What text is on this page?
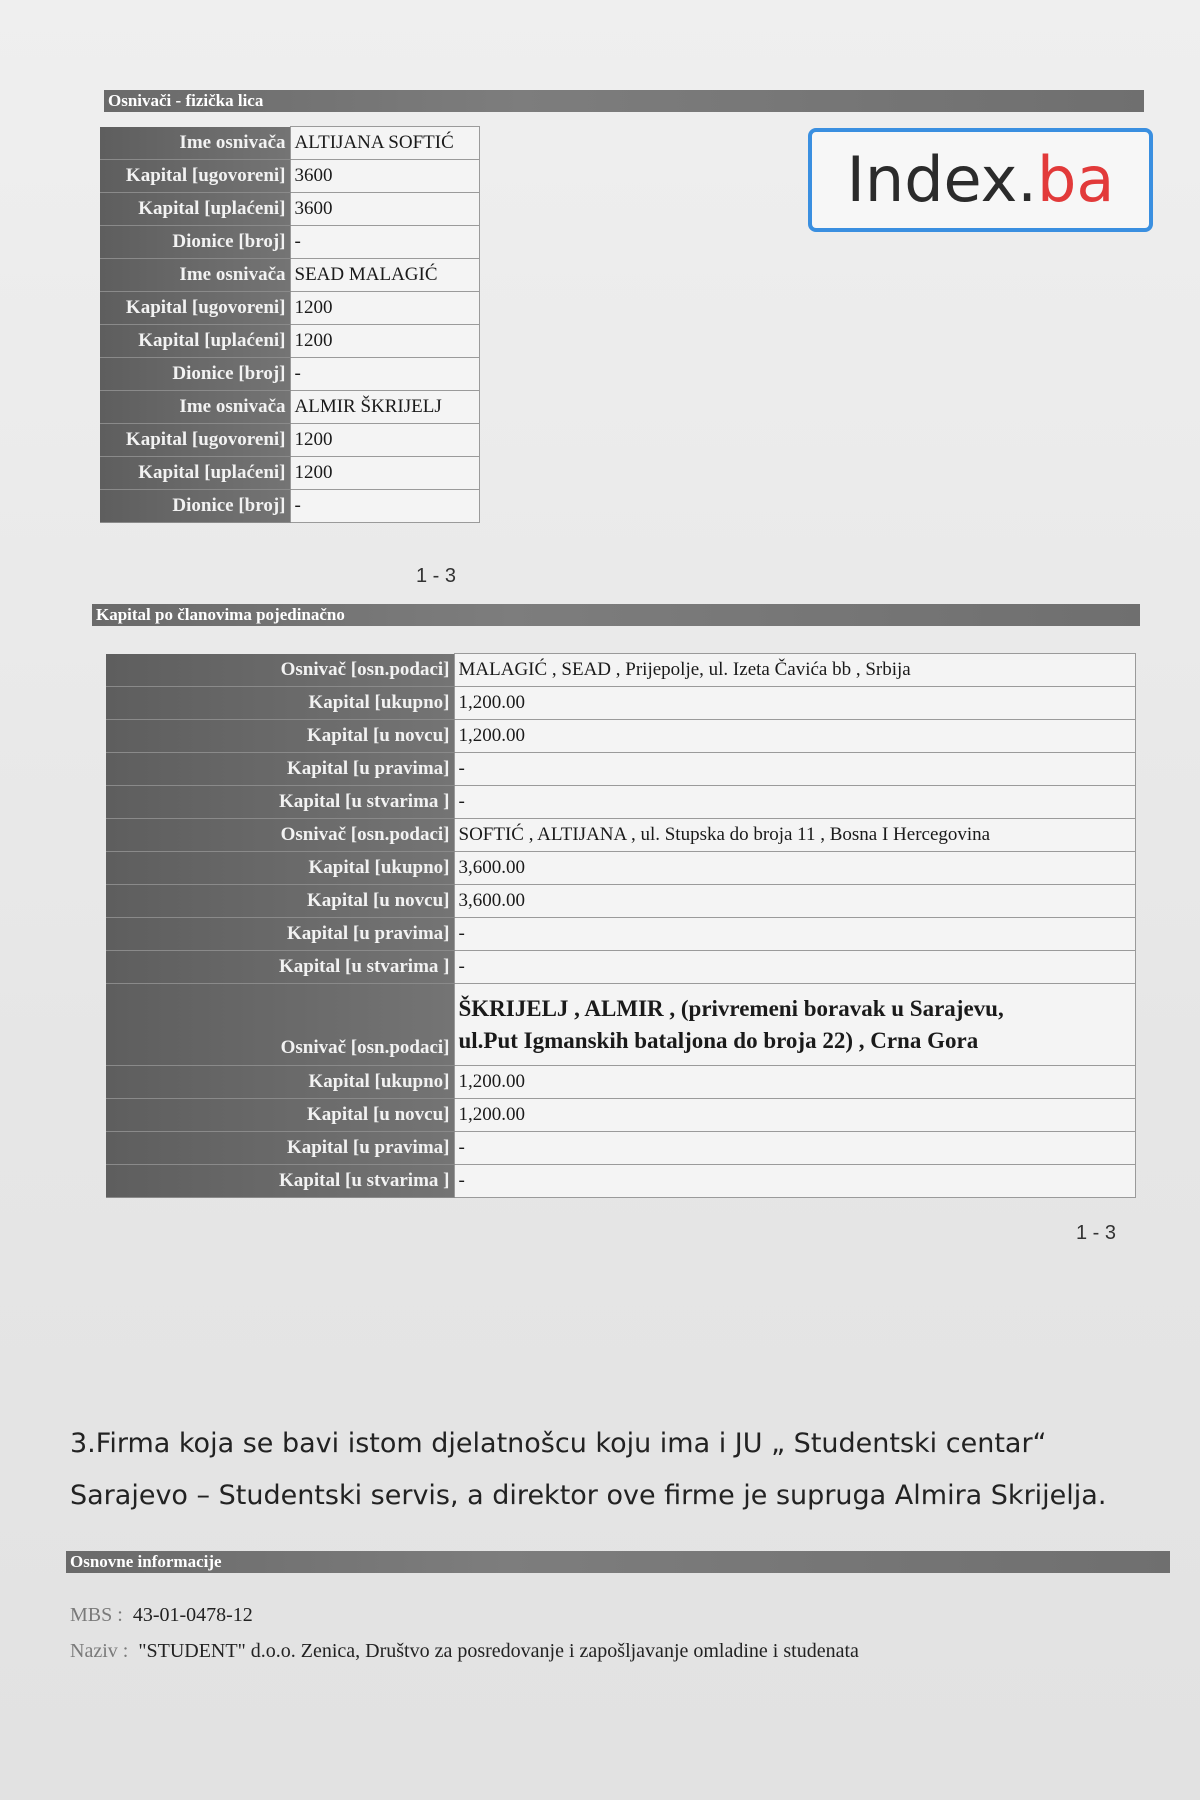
Osnivači - fizička lica
Ime osnivača	ALTIJANA SOFTIĆ
Kapital [ugovoreni]	3600
Kapital [uplaćeni]	3600
Dionice [broj]	-
Ime osnivača	SEAD MALAGIĆ
Kapital [ugovoreni]	1200
Kapital [uplaćeni]	1200
Dionice [broj]	-
Ime osnivača	ALMIR ŠKRIJELJ
Kapital [ugovoreni]	1200
Kapital [uplaćeni]	1200
Dionice [broj]	-
1 - 3
Index.ba
Kapital po članovima pojedinačno
Osnivač [osn.podaci]	MALAGIĆ , SEAD , Prijepolje, ul. Izeta Čavića bb , Srbija
Kapital [ukupno]	1,200.00
Kapital [u novcu]	1,200.00
Kapital [u pravima]	-
Kapital [u stvarima ]	-
Osnivač [osn.podaci]	SOFTIĆ , ALTIJANA , ul. Stupska do broja 11 , Bosna I Hercegovina
Kapital [ukupno]	3,600.00
Kapital [u novcu]	3,600.00
Kapital [u pravima]	-
Kapital [u stvarima ]	-
Osnivač [osn.podaci]	ŠKRIJELJ , ALMIR , (privremeni boravak u Sarajevu,
ul.Put Igmanskih bataljona do broja 22) , Crna Gora

Kapital [ukupno]	1,200.00
Kapital [u novcu]	1,200.00
Kapital [u pravima]	-
Kapital [u stvarima ]	-
1 - 3
3.Firma koja se bavi istom djelatnošcu koju ima i JU „ Studentski centar“
Sarajevo – Studentski servis, a direktor ove firme je supruga Almira Skrijelja.
Osnovne informacije
MBS : 43-01-0478-12
Naziv : "STUDENT" d.o.o. Zenica, Društvo za posredovanje i zapošljavanje omladine i studenata
